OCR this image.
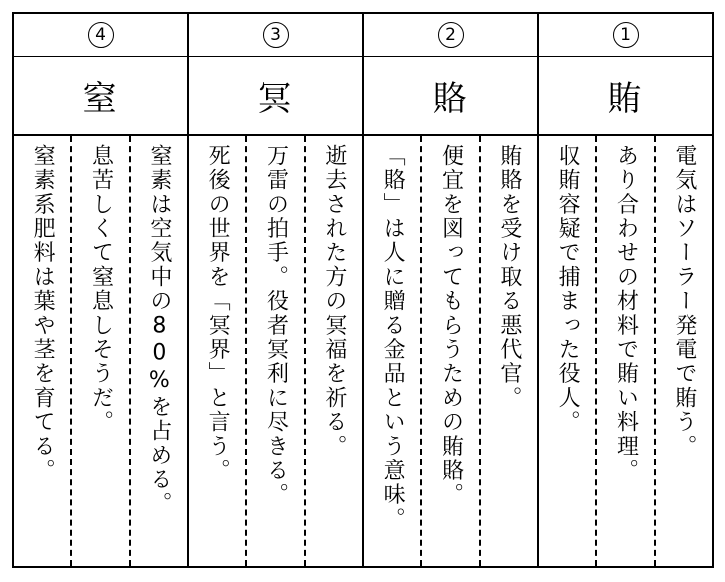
4
窒
窒素は空気中の80%を占める。
息苦しくて窒息しそうだ。
窒素系肥料は葉や茎を育てる。
3
冥
逝去された方の冥福を祈る。
万雷の拍手。役者冥利に尽きる。
死後の世界を「冥界」と言う。
2
賂
賄賂を受け取る悪代官。
便宜を図ってもらうための賄賂。
「賂」は人に贈る金品という意味。
1
賄
電気はソーラー発電で賄う。
あり合わせの材料で賄い料理。
収賄容疑で捕まった役人。
